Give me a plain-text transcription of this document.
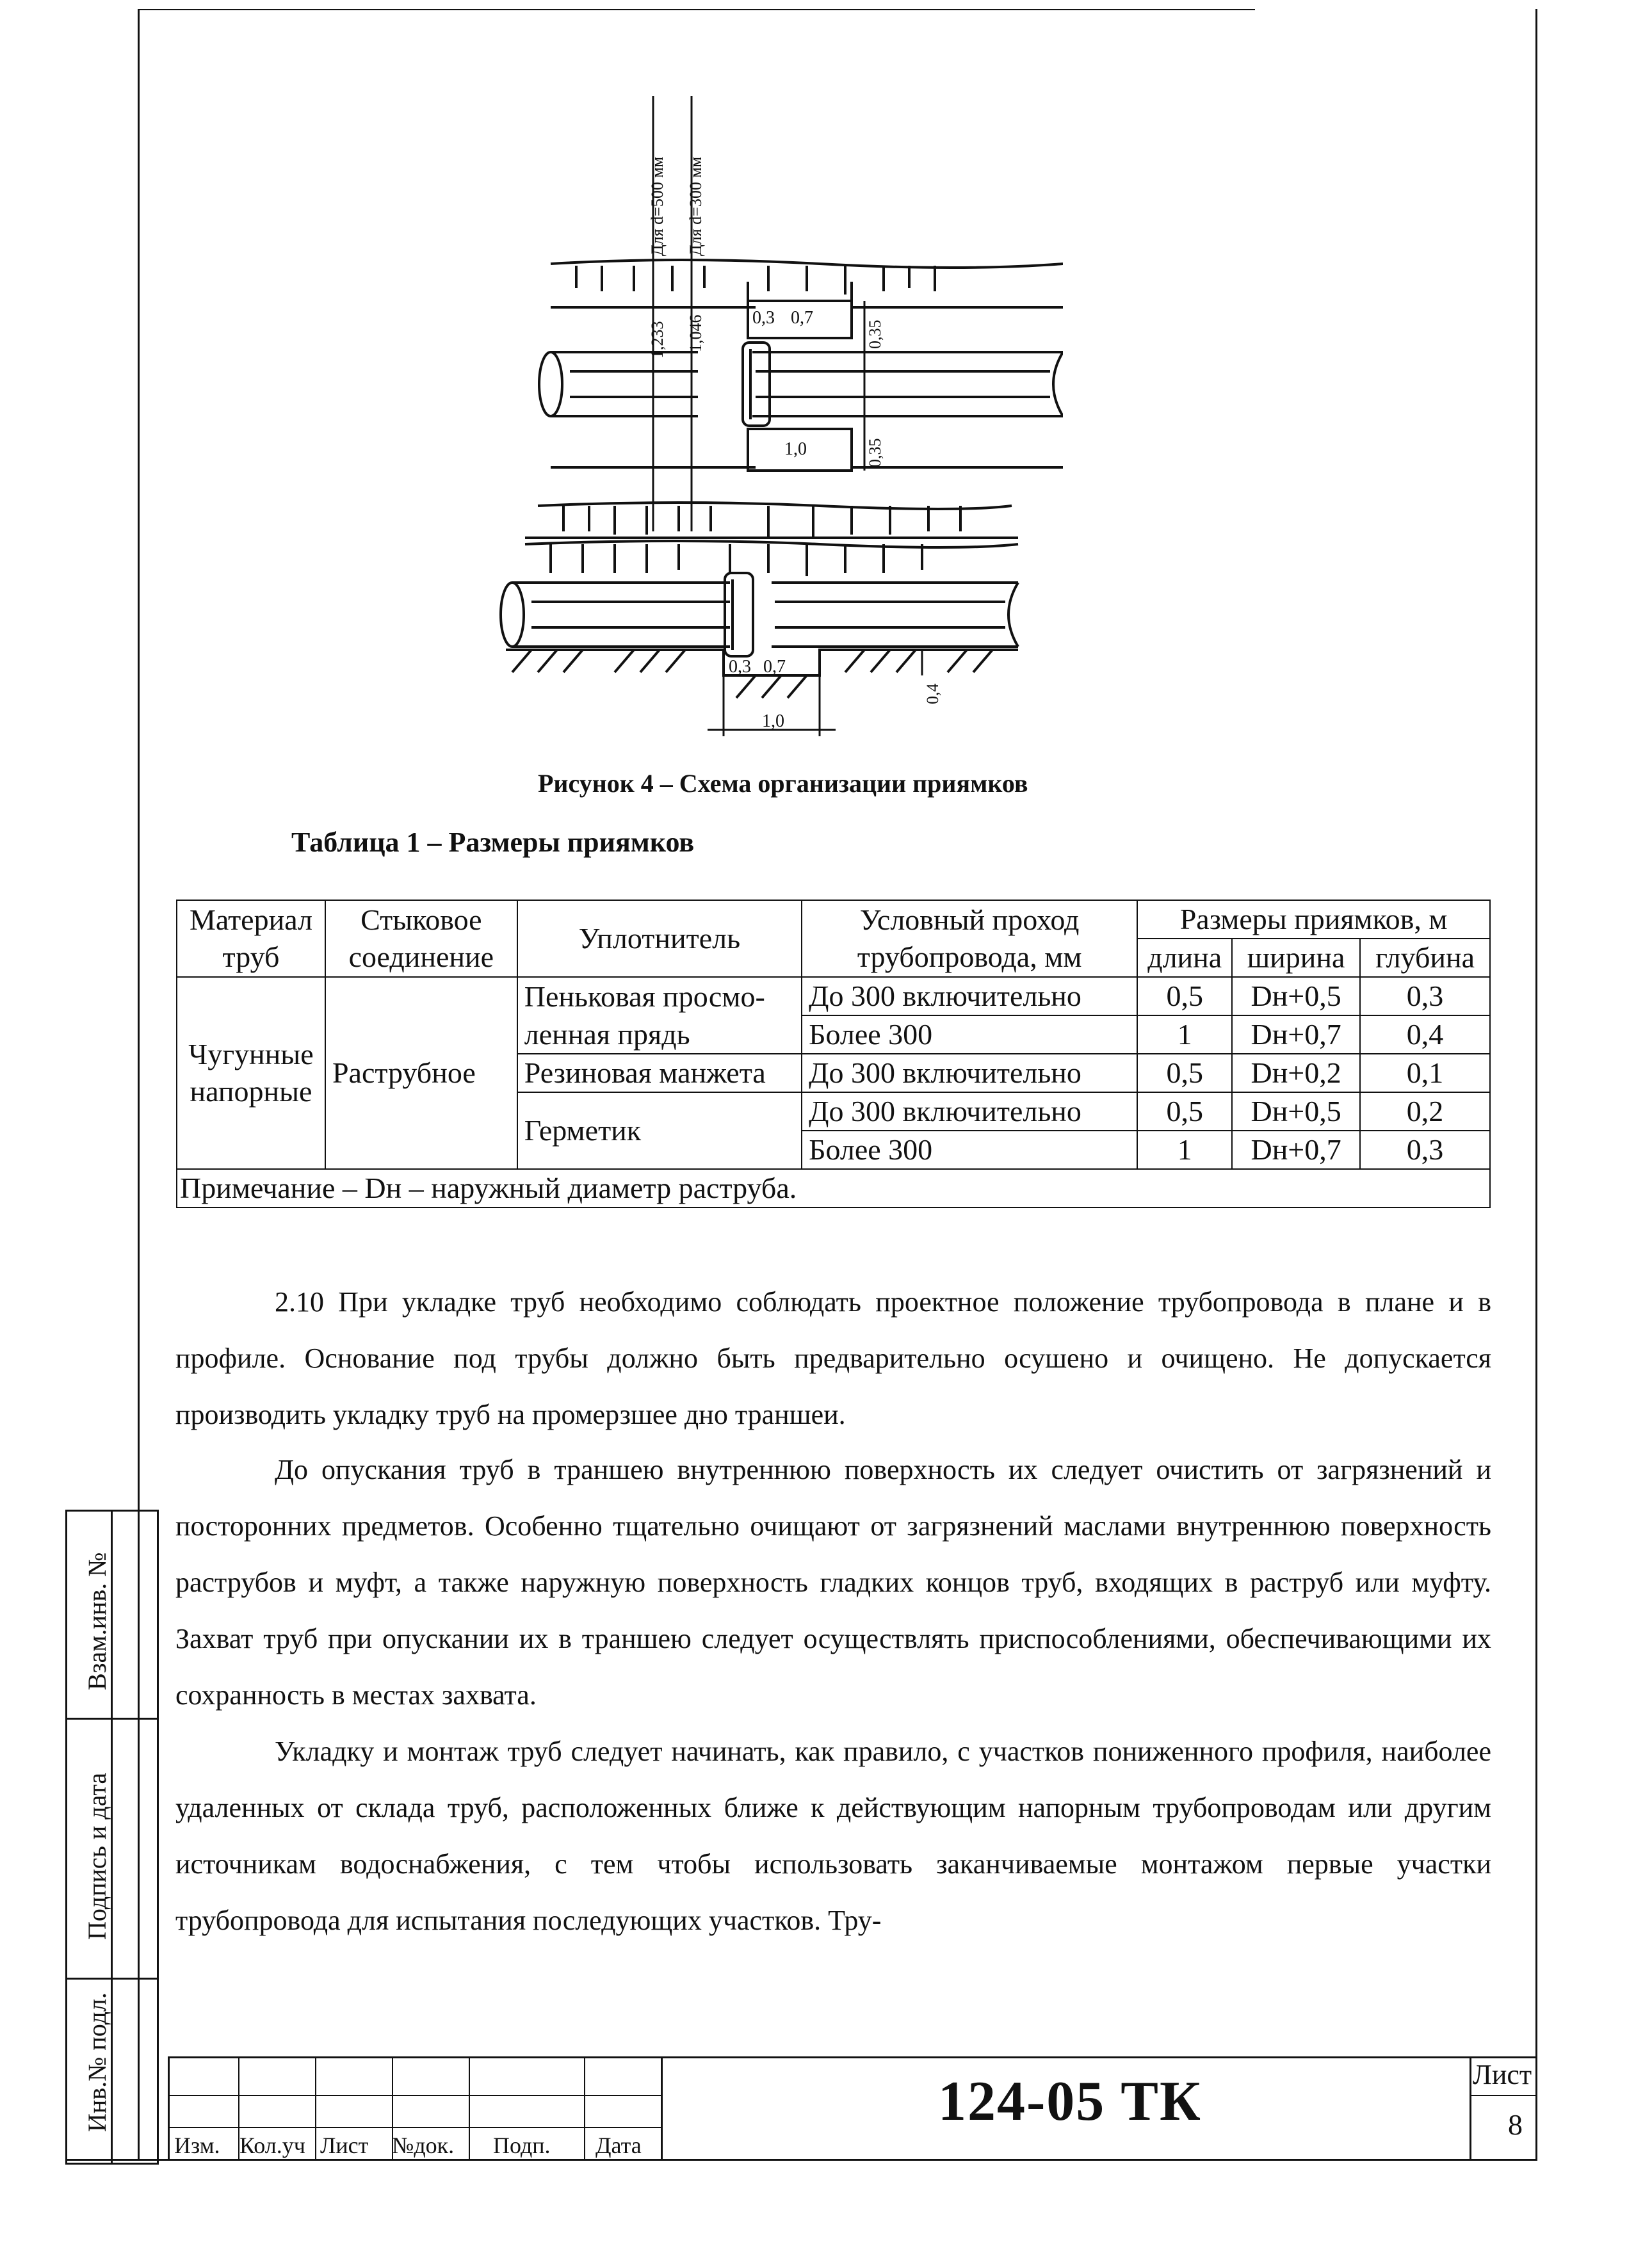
Для d=500 мм Для d=300 мм
1,233 1,046	0,35
0,35
0,4
0,3 0,7
1,0
0,3 0,7
1,0
Рисунок 4 – Схема организации приямков
Таблица 1 – Размеры приямков
Материал труб	Стыковое соединение	Уплотнитель	Условный проход трубопровода, мм	Размеры приямков, м		
				длина	ширина	глубина
Чугунные напорные	Раструбное	Пеньковая просмо-	До 300 включительно	0,5	Dн+0,5	0,3
		ленная прядь	Более 300	1	Dн+0,7	0,4
		Резиновая манжета	До 300 включительно	0,5	Dн+0,2	0,1
		Герметик	До 300 включительно	0,5	Dн+0,5	0,2
			Более 300	1	Dн+0,7	0,3
Примечание – Dн – наружный диаметр раструба.						
2.10 При укладке труб необходимо соблюдать проектное положение трубопровода в плане и в профиле. Основание под трубы должно быть предварительно осушено и очищено. Не допускается производить укладку труб на промерзшее дно траншеи.
До опускания труб в траншею внутреннюю поверхность их следует очистить от загрязнений и посторонних предметов. Особенно тщательно очищают от загрязнений маслами внутреннюю поверхность раструбов и муфт, а также наружную поверхность гладких концов труб, входящих в раструб или муфту. Захват труб при опускании их в траншею следует осуществлять приспособлениями, обеспечивающими их сохранность в местах захвата.
Укладку и монтаж труб следует начинать, как правило, с участков пониженного профиля, наиболее удаленных от склада труб, расположенных ближе к действующим напорным трубопроводам или другим источникам водоснабжения, с тем чтобы использовать заканчиваемые монтажом первые участки трубопровода для испытания последующих участков. Тру-
Взам.инв. №
Подпись и дата
Инв.№ подл.
Изм. Кол.уч Лист №док. Подп. Дата
124-05 ТК	Лист
8
